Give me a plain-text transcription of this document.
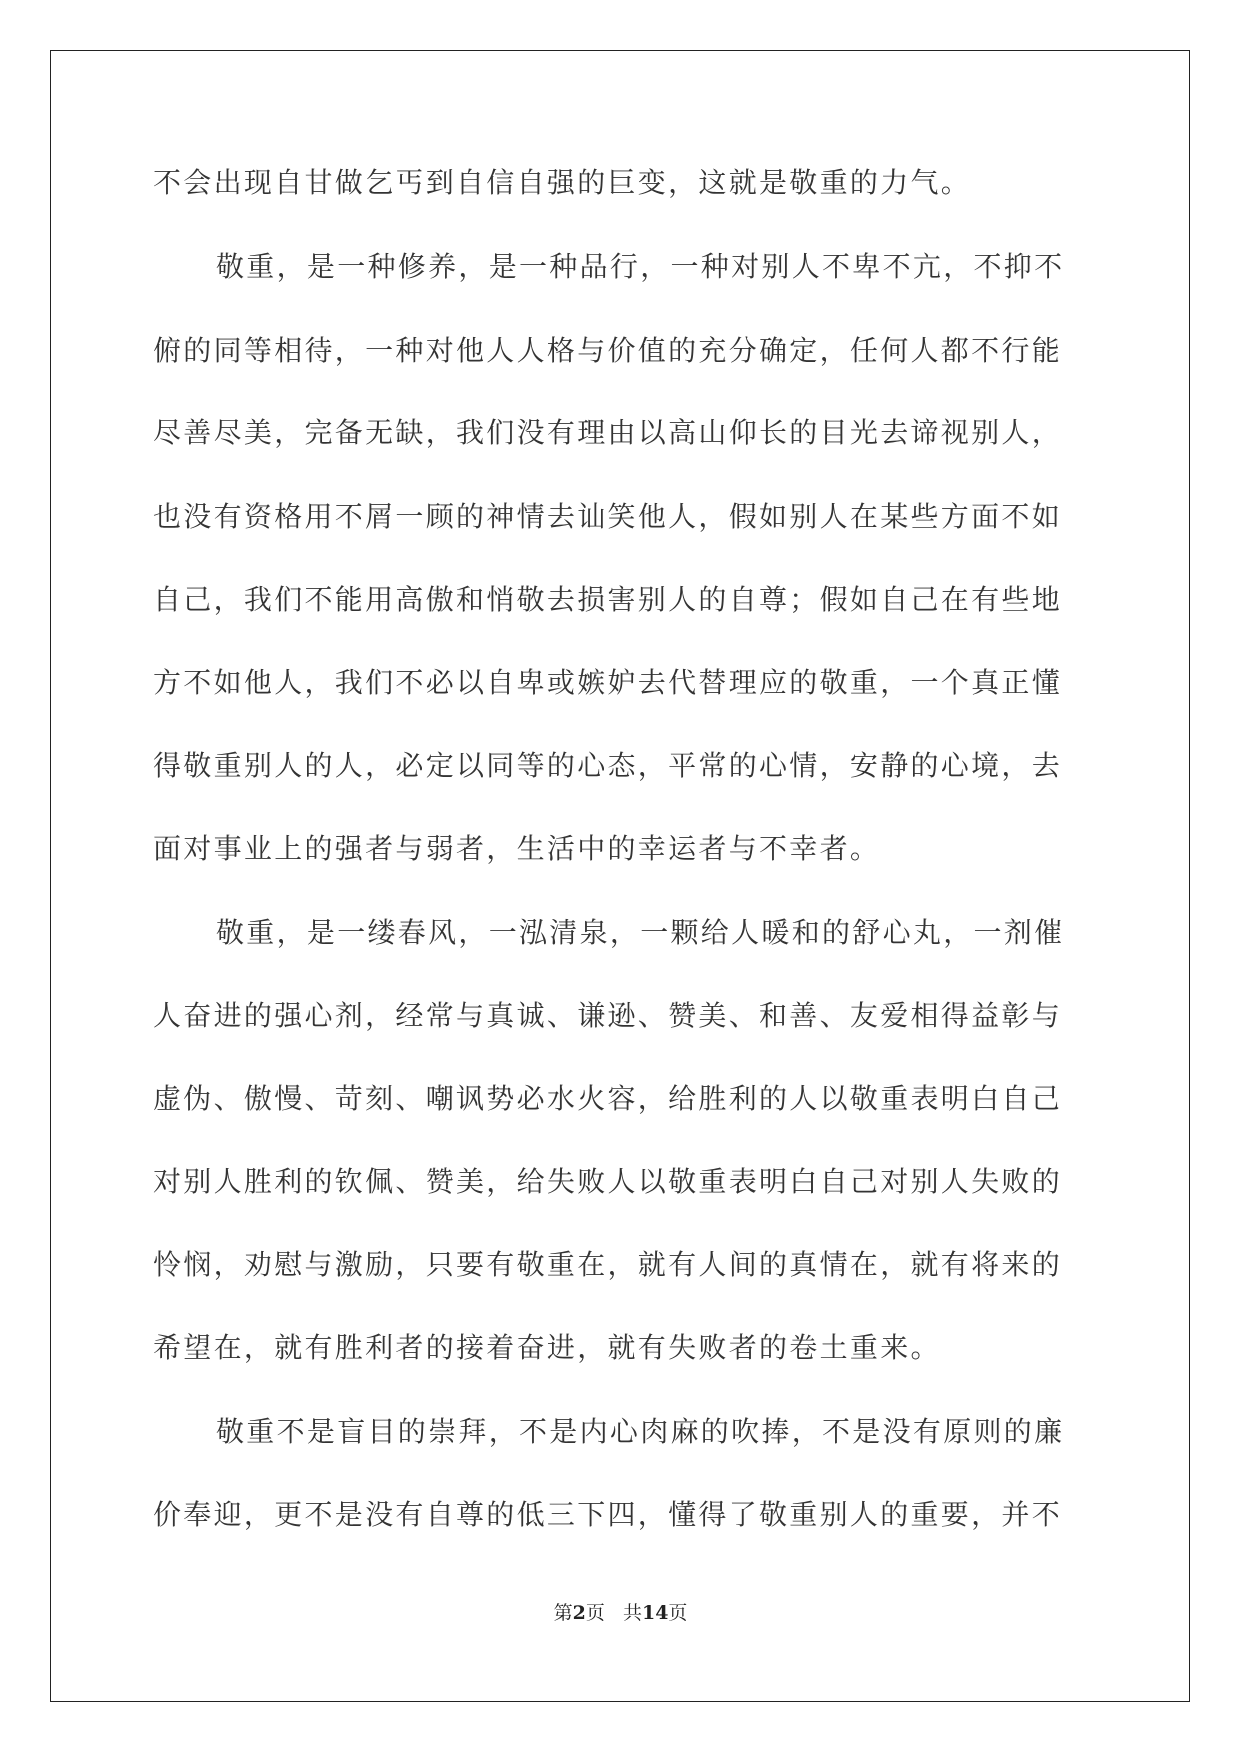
不会出现自甘做乞丐到自信自强的巨变，这就是敬重的力气。
敬重，是一种修养，是一种品行，一种对别人不卑不亢，不抑不
俯的同等相待，一种对他人人格与价值的充分确定，任何人都不行能
尽善尽美，完备无缺，我们没有理由以高山仰长的目光去谛视别人，
也没有资格用不屑一顾的神情去讪笑他人，假如别人在某些方面不如
自己，我们不能用高傲和悄敬去损害别人的自尊；假如自己在有些地
方不如他人，我们不必以自卑或嫉妒去代替理应的敬重，一个真正懂
得敬重别人的人，必定以同等的心态，平常的心情，安静的心境，去
面对事业上的强者与弱者，生活中的幸运者与不幸者。
敬重，是一缕春风，一泓清泉，一颗给人暖和的舒心丸，一剂催
人奋进的强心剂，经常与真诚、谦逊、赞美、和善、友爱相得益彰与
虚伪、傲慢、苛刻、嘲讽势必水火容，给胜利的人以敬重表明白自己
对别人胜利的钦佩、赞美，给失败人以敬重表明白自己对别人失败的
怜悯，劝慰与激励，只要有敬重在，就有人间的真情在，就有将来的
希望在，就有胜利者的接着奋进，就有失败者的卷土重来。
敬重不是盲目的崇拜，不是内心肉麻的吹捧，不是没有原则的廉
价奉迎，更不是没有自尊的低三下四，懂得了敬重别人的重要，并不
第2页 共14页
